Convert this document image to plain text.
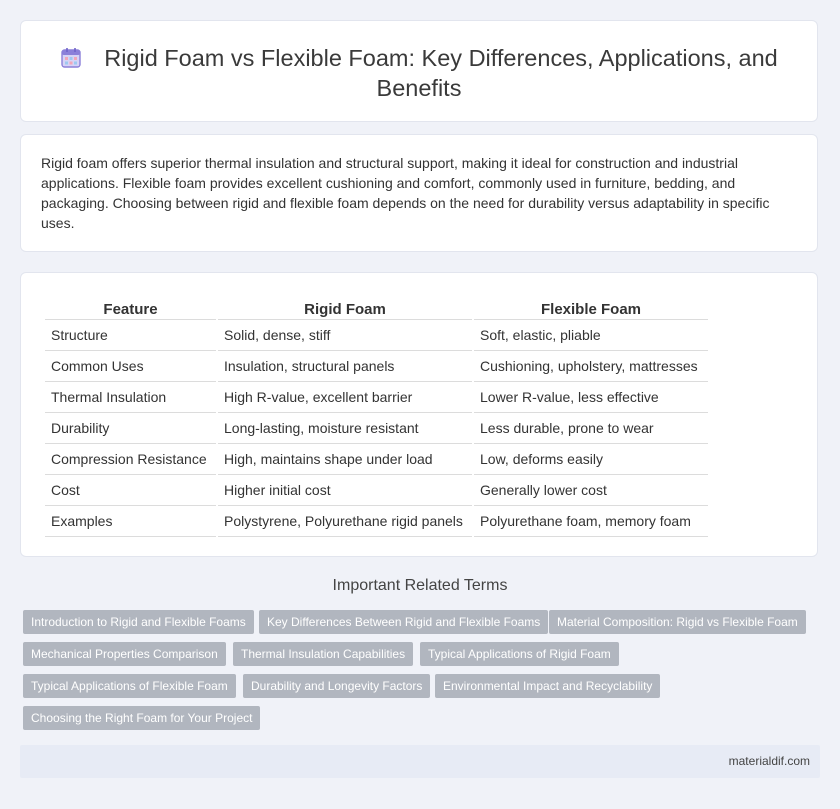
Rigid Foam vs Flexible Foam: Key Differences, Applications, and Benefits
Rigid foam offers superior thermal insulation and structural support, making it ideal for construction and industrial applications. Flexible foam provides excellent cushioning and comfort, commonly used in furniture, bedding, and packaging. Choosing between rigid and flexible foam depends on the need for durability versus adaptability in specific uses.
Feature	Rigid Foam	Flexible Foam
Structure	Solid, dense, stiff	Soft, elastic, pliable
Common Uses	Insulation, structural panels	Cushioning, upholstery, mattresses
Thermal Insulation	High R-value, excellent barrier	Lower R-value, less effective
Durability	Long-lasting, moisture resistant	Less durable, prone to wear
Compression Resistance	High, maintains shape under load	Low, deforms easily
Cost	Higher initial cost	Generally lower cost
Examples	Polystyrene, Polyurethane rigid panels	Polyurethane foam, memory foam
Important Related Terms
Introduction to Rigid and Flexible Foams	Key Differences Between Rigid and Flexible Foams	Material Composition: Rigid vs Flexible Foam
Mechanical Properties Comparison	Thermal Insulation Capabilities	Typical Applications of Rigid Foam
Typical Applications of Flexible Foam	Durability and Longevity Factors	Environmental Impact and Recyclability
Choosing the Right Foam for Your Project
materialdif.com
